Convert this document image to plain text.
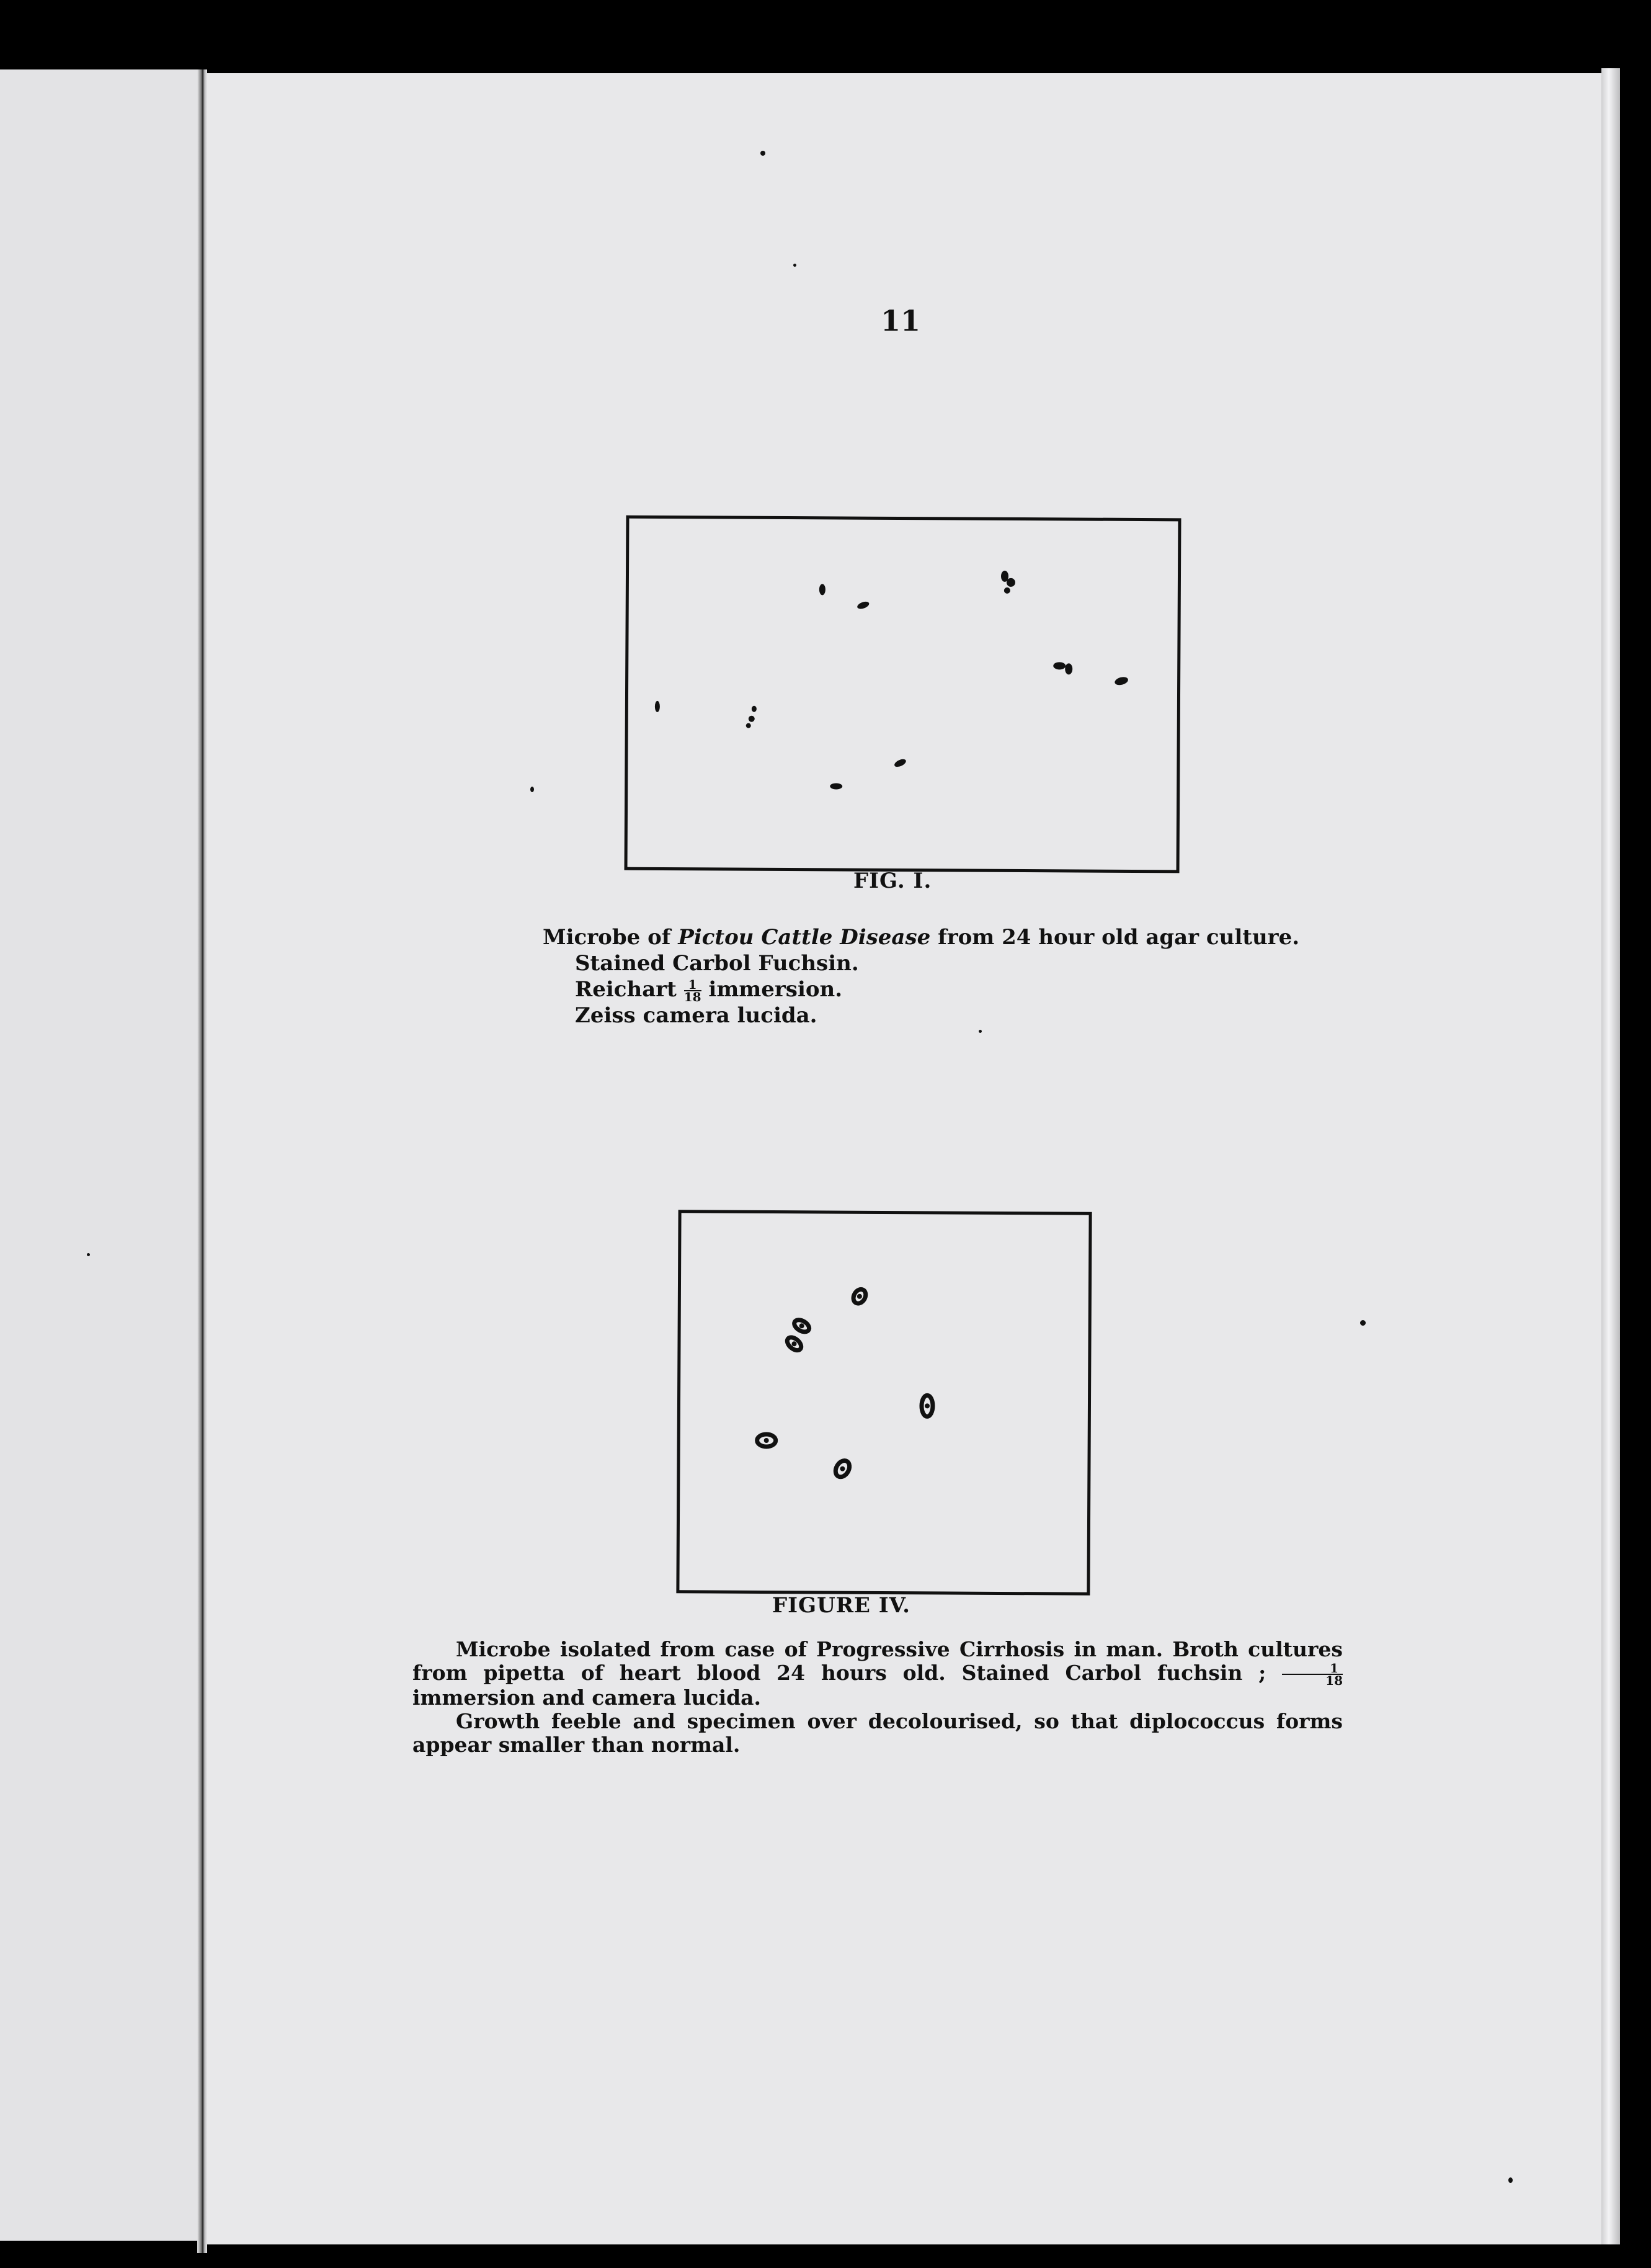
11
FIG. I.
Microbe of Pictou Cattle Disease from 24 hour old agar culture.
Stained Carbol Fuchsin.
Reichart $\frac{1}{18}$ immersion.
Zeiss camera lucida.
FIGURE IV.

Microbe isolated from case of Progressive Cirrhosis in man. Broth cultures from pipetta of heart blood 24 hours old. Stained Carbol fuchsin ; $\frac{1}{18}$
immersion and camera lucida.

Growth feeble and specimen over decolourised, so that diplococcus forms appear smaller than normal.
